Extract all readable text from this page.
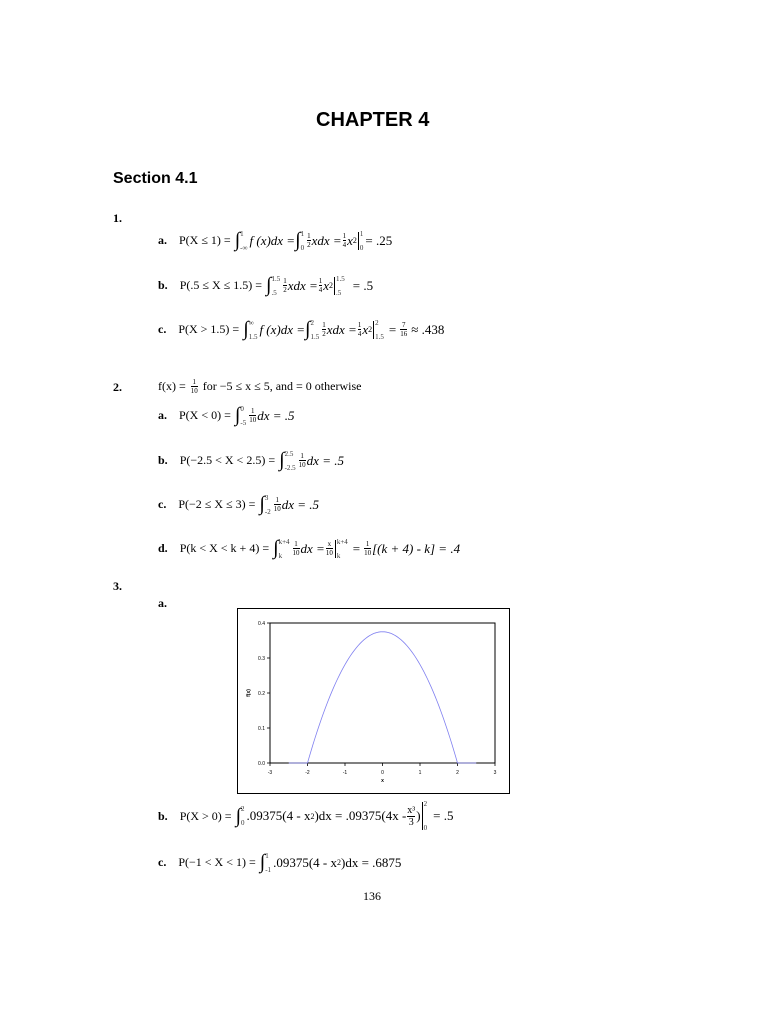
CHAPTER 4
Section 4.1
1.
a. P(X ≤ 1) = ∫ 1
-∞ f (x)dx = ∫ 1
$0 \frac{1}{2}$ xdx = $\frac{1}{4}$ x 2
1
0 = .25
b. P(.5 ≤ X ≤ 1.5) = ∫ 1.5
$.5 \frac{1}{2}$ xdx = $\frac{1}{4}$ x 2
1.5
.5 = .5
c. P(X > 1.5) = ∫ ∞
1.5 f (x)dx = ∫ 2
$1.5 \frac{1}{2}$ xdx = $\frac{1}{4}$ x 2
2
$1.5 = \frac{7}{16} \approx .438$
2.	$f(x) = \frac{1}{10}$ for −5 ≤ x ≤ 5, and = 0 otherwise
a. P(X < 0) = ∫ 0
$-5 \frac{1}{10}$ dx = .5
b. P(−2.5 < X < 2.5) = ∫ 2.5
$-2.5 \frac{1}{10}$ dx = .5
c. P(−2 ≤ X ≤ 3) = ∫ 3
$-2 \frac{1}{10}$ dx = .5
d. P(k < X < k + 4) = ∫ k+4
k	$\frac{1}{10}$ dx = $\frac{x}{10} k+4$
$k = \frac{1}{10} [(k + 4) - k] = .4$
3.
a.
-3	-2	-1	0	1	2	3
0.0
0.1
0.2
0.3
0.4
x
f(x)
b. P(X > 0) = ∫ 2
0 .09375(4 - x 2 )$dx = .09375(4x - \frac{\text{x³}}{3}$ )
2
0
= .5
c. P(−1 < X < 1) = ∫ 1
-1 .09375(4 - x 2 )dx = .6875
136
